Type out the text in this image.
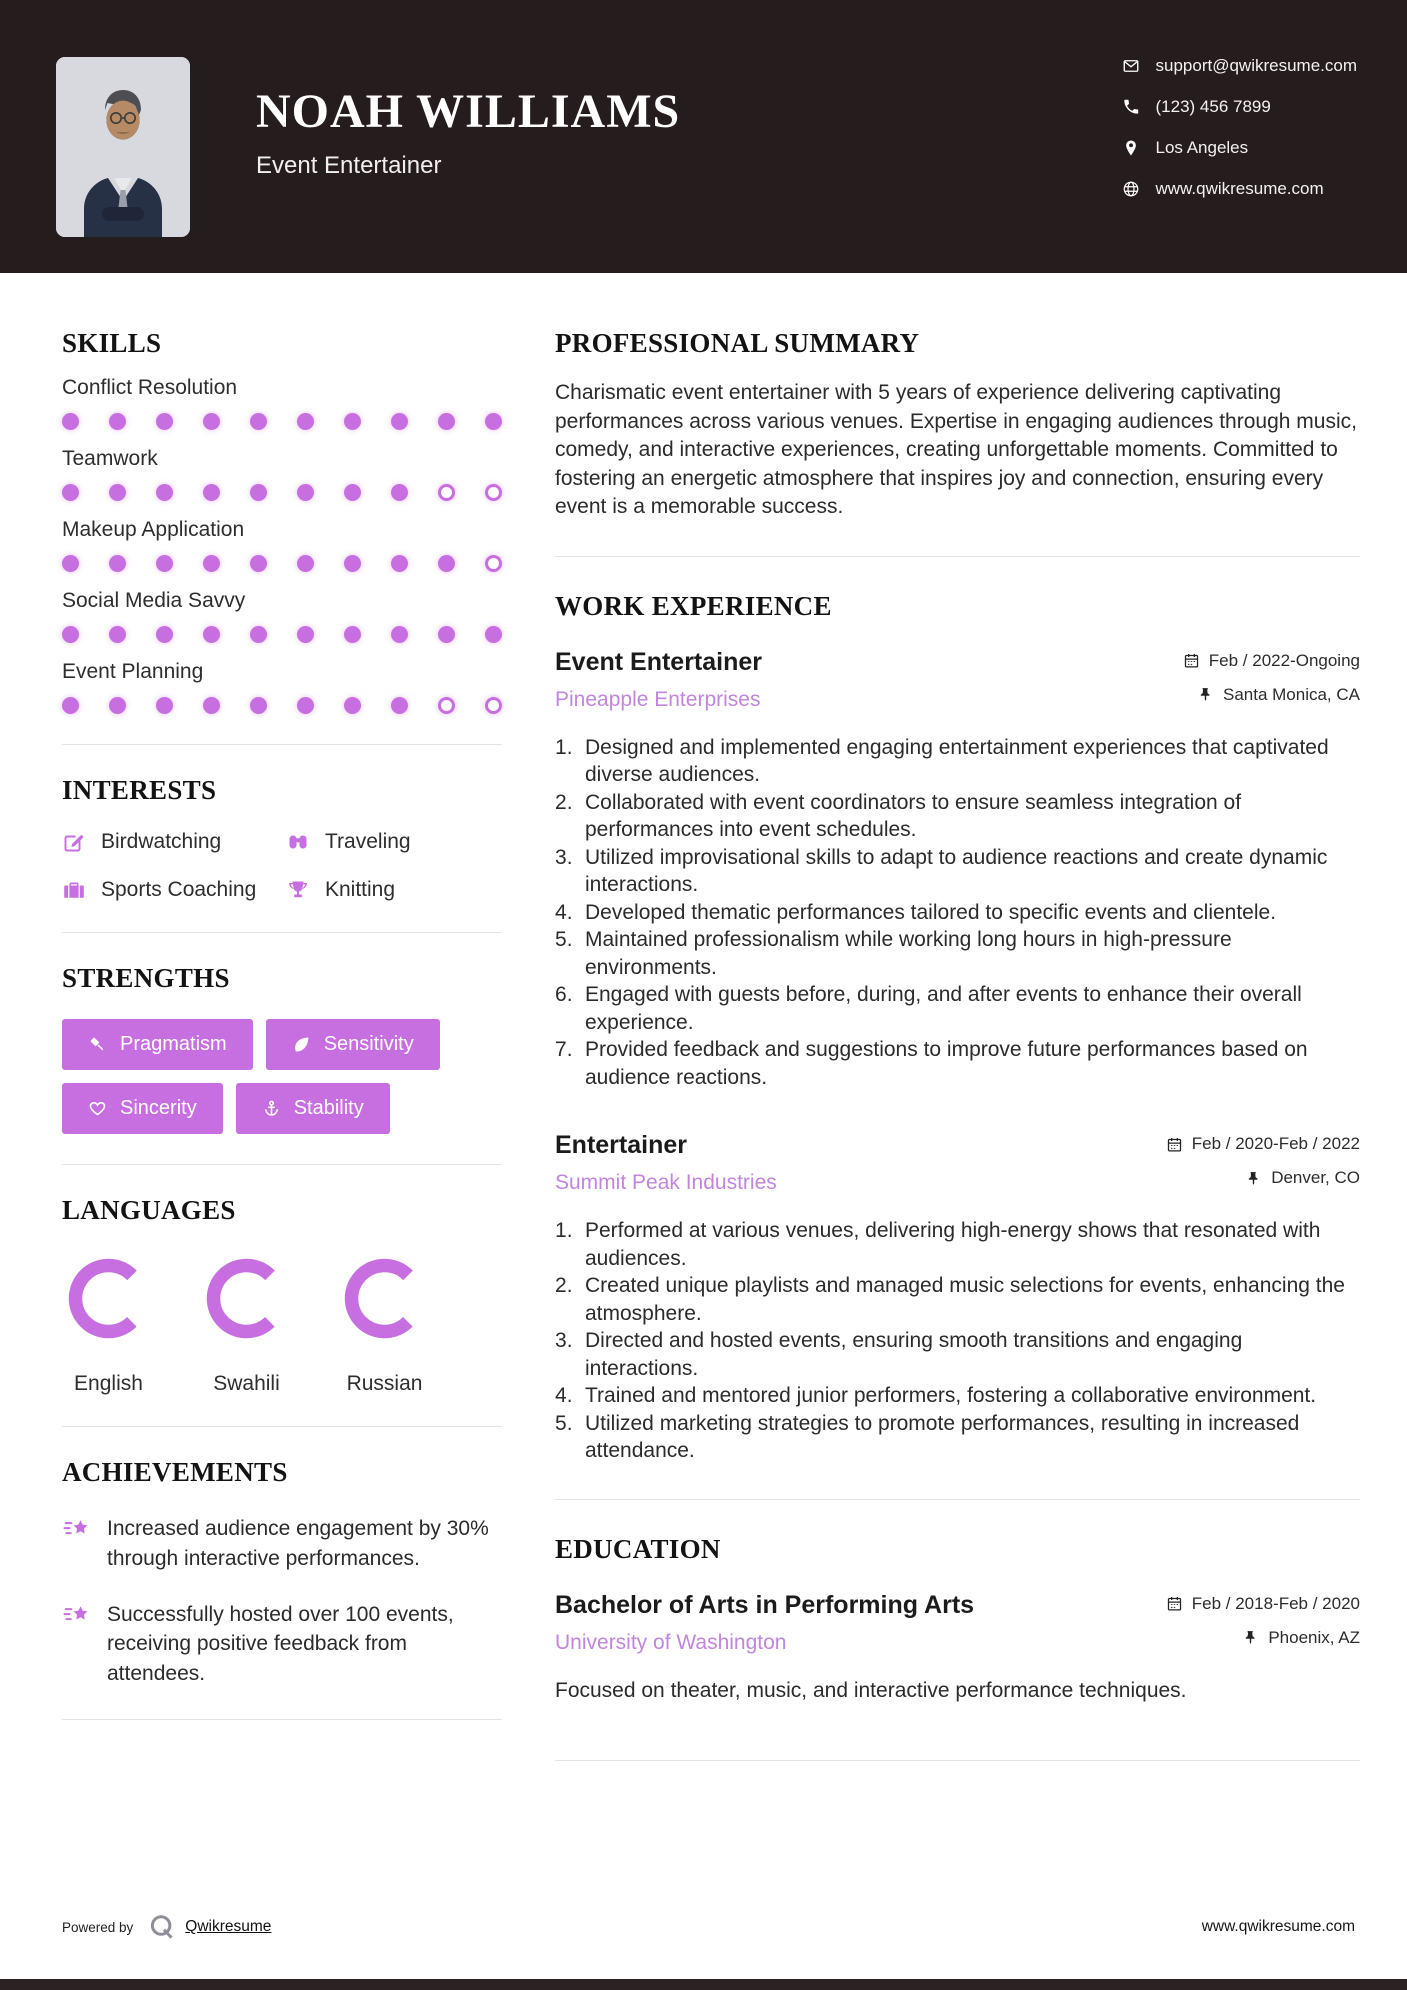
NOAH WILLIAMS
Event Entertainer
support@qwikresume.com
(123) 456 7899
Los Angeles
www.qwikresume.com
SKILLS
Conflict Resolution
Teamwork
Makeup Application
Social Media Savvy
Event Planning
INTERESTS
Birdwatching	Traveling
Sports Coaching	Knitting
STRENGTHS
Pragmatism	Sensitivity
Sincerity	Stability
LANGUAGES
English	Swahili	Russian
ACHIEVEMENTS
Increased audience engagement by 30% through interactive performances.
Successfully hosted over 100 events, receiving positive feedback from attendees.
PROFESSIONAL SUMMARY

Charismatic event entertainer with 5 years of experience delivering captivating performances across various venues. Expertise in engaging audiences through music, comedy, and interactive experiences, creating unforgettable moments. Committed to fostering an energetic atmosphere that inspires joy and connection, ensuring every event is a memorable success.

WORK EXPERIENCE
Event Entertainer
Pineapple Enterprises
Feb / 2022-Ongoing
Santa Monica, CA
Designed and implemented engaging entertainment experiences that captivated diverse audiences.
Collaborated with event coordinators to ensure seamless integration of performances into event schedules.
Utilized improvisational skills to adapt to audience reactions and create dynamic interactions.
Developed thematic performances tailored to specific events and clientele.
Maintained professionalism while working long hours in high-pressure environments.
Engaged with guests before, during, and after events to enhance their overall experience.
Provided feedback and suggestions to improve future performances based on audience reactions.
Entertainer
Summit Peak Industries
Feb / 2020-Feb / 2022
Denver, CO
Performed at various venues, delivering high-energy shows that resonated with audiences.
Created unique playlists and managed music selections for events, enhancing the atmosphere.
Directed and hosted events, ensuring smooth transitions and engaging interactions.
Trained and mentored junior performers, fostering a collaborative environment.
Utilized marketing strategies to promote performances, resulting in increased attendance.
EDUCATION
Bachelor of Arts in Performing Arts
University of Washington
Feb / 2018-Feb / 2020
Phoenix, AZ

Focused on theater, music, and interactive performance techniques.

Powered by	Qwikresume	www.qwikresume.com
